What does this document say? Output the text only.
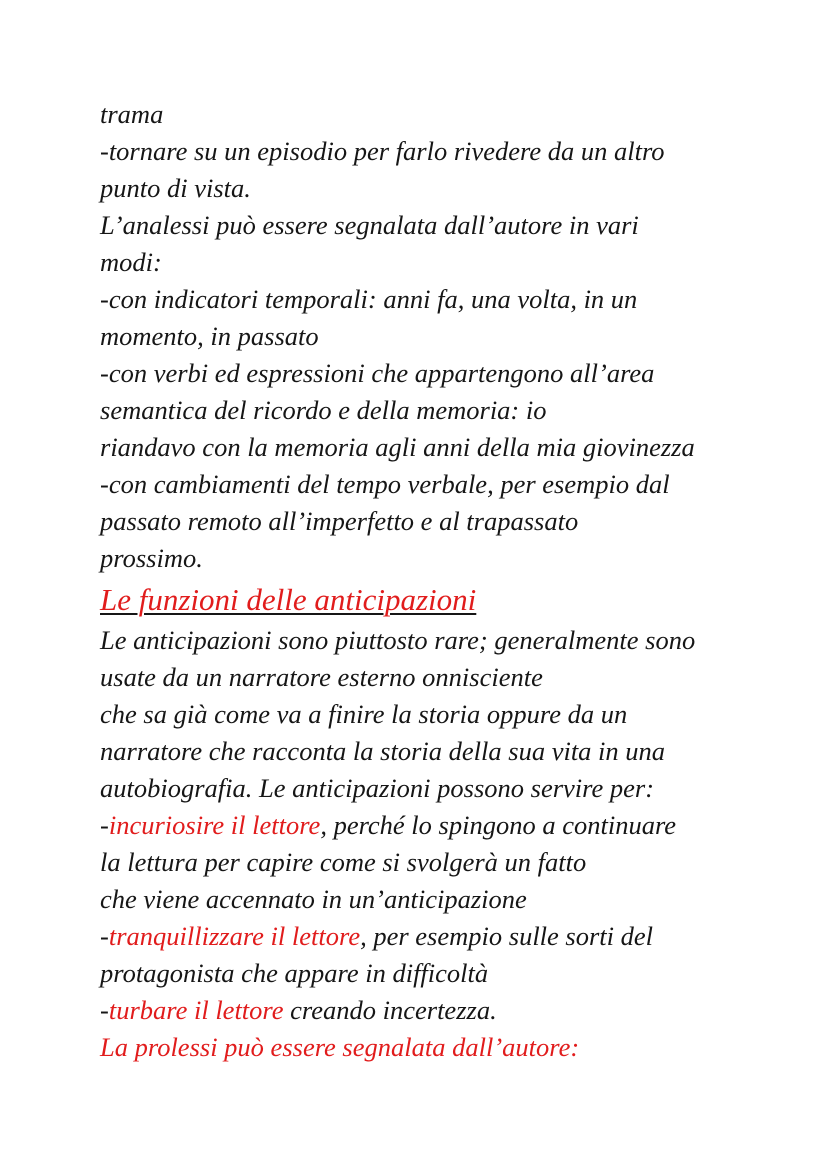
trama
-tornare su un episodio per farlo rivedere da un altro
punto di vista.
L’analessi può essere segnalata dall’autore in vari
modi:
-con indicatori temporali: anni fa, una volta, in un
momento, in passato
-con verbi ed espressioni che appartengono all’area
semantica del ricordo e della memoria: io
riandavo con la memoria agli anni della mia giovinezza
-con cambiamenti del tempo verbale, per esempio dal
passato remoto all’imperfetto e al trapassato
prossimo.
Le funzioni delle anticipazioni
Le anticipazioni sono piuttosto rare; generalmente sono
usate da un narratore esterno onnisciente
che sa già come va a finire la storia oppure da un
narratore che racconta la storia della sua vita in una
autobiografia. Le anticipazioni possono servire per:
-incuriosire il lettore, perché lo spingono a continuare
la lettura per capire come si svolgerà un fatto
che viene accennato in un’anticipazione
-tranquillizzare il lettore, per esempio sulle sorti del
protagonista che appare in difficoltà
-turbare il lettore creando incertezza.
La prolessi può essere segnalata dall’autore:
